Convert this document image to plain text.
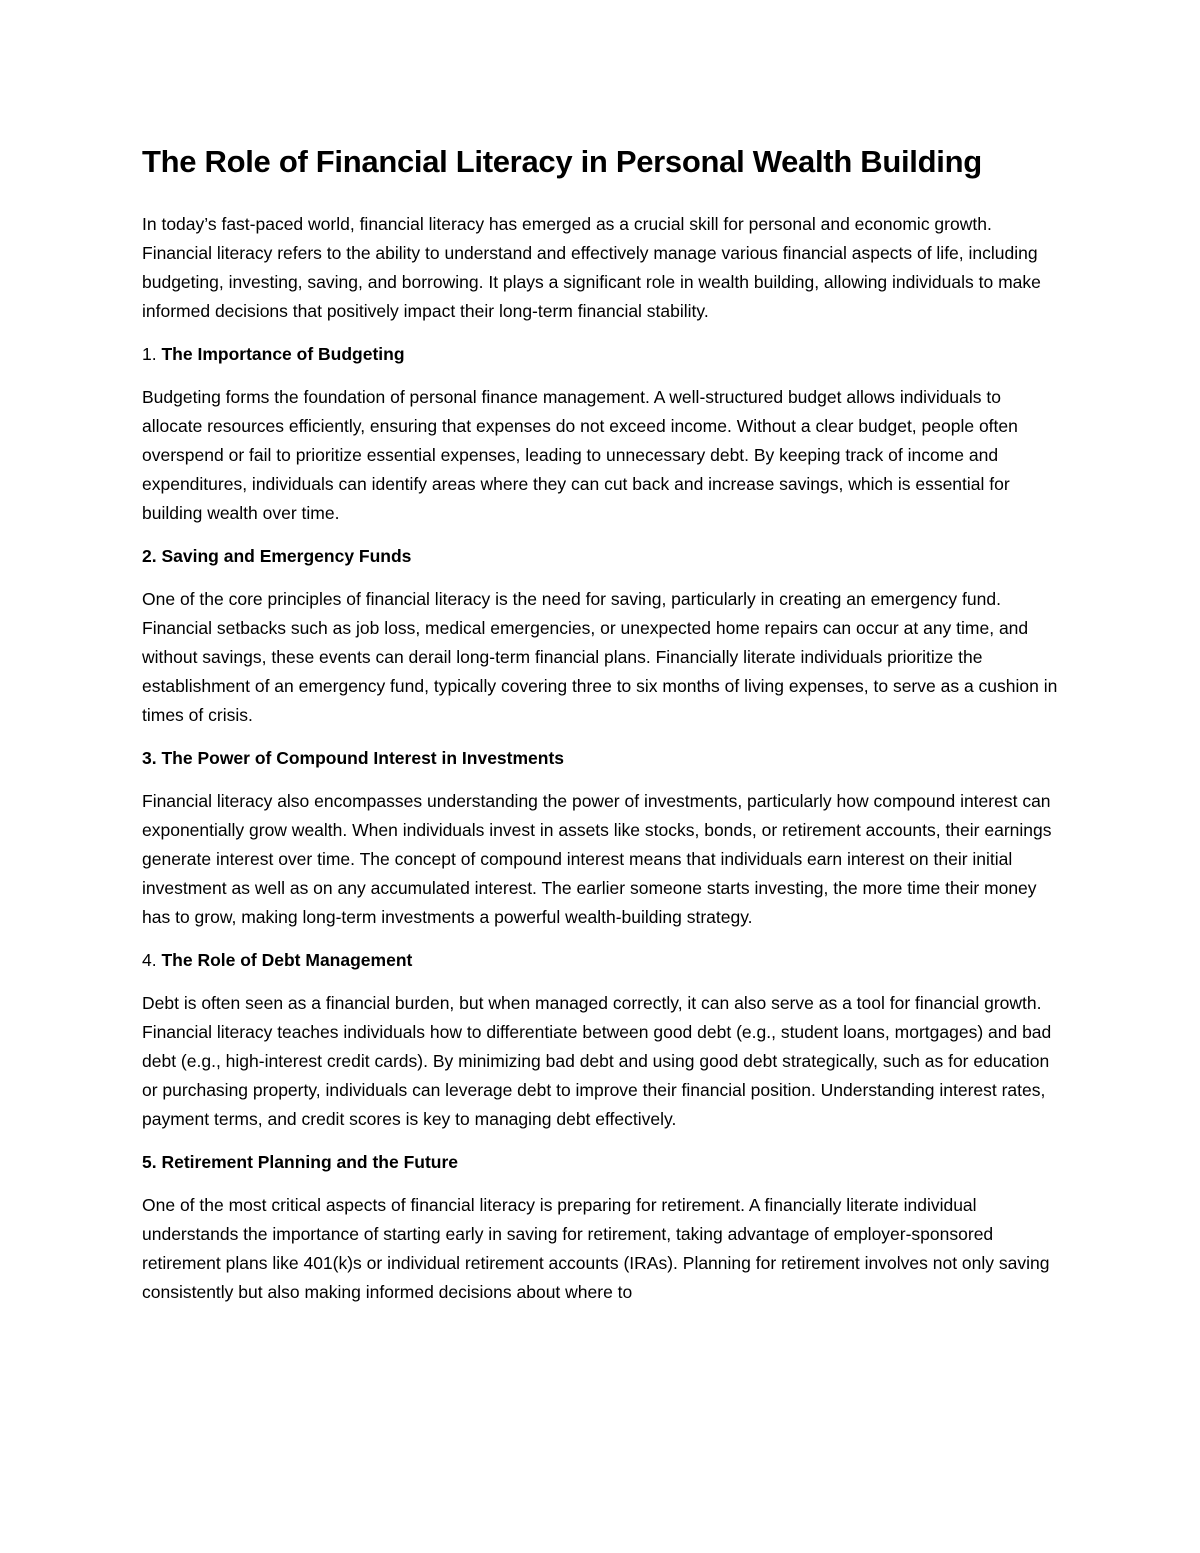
The Role of Financial Literacy in Personal Wealth Building

In today’s fast-paced world, financial literacy has emerged as a crucial skill for personal and economic growth. Financial literacy refers to the ability to understand and effectively manage various financial aspects of life, including budgeting, investing, saving, and borrowing. It plays a significant role in wealth building, allowing individuals to make informed decisions that positively impact their long-term financial stability.

1. The Importance of Budgeting

Budgeting forms the foundation of personal finance management. A well-structured budget allows individuals to allocate resources efficiently, ensuring that expenses do not exceed income. Without a clear budget, people often overspend or fail to prioritize essential expenses, leading to unnecessary debt. By keeping track of income and expenditures, individuals can identify areas where they can cut back and increase savings, which is essential for building wealth over time.

2. Saving and Emergency Funds

One of the core principles of financial literacy is the need for saving, particularly in creating an emergency fund. Financial setbacks such as job loss, medical emergencies, or unexpected home repairs can occur at any time, and without savings, these events can derail long-term financial plans. Financially literate individuals prioritize the establishment of an emergency fund, typically covering three to six months of living expenses, to serve as a cushion in times of crisis.

3. The Power of Compound Interest in Investments

Financial literacy also encompasses understanding the power of investments, particularly how compound interest can exponentially grow wealth. When individuals invest in assets like stocks, bonds, or retirement accounts, their earnings generate interest over time. The concept of compound interest means that individuals earn interest on their initial investment as well as on any accumulated interest. The earlier someone starts investing, the more time their money has to grow, making long-term investments a powerful wealth-building strategy.

4. The Role of Debt Management

Debt is often seen as a financial burden, but when managed correctly, it can also serve as a tool for financial growth. Financial literacy teaches individuals how to differentiate between good debt (e.g., student loans, mortgages) and bad debt (e.g., high-interest credit cards). By minimizing bad debt and using good debt strategically, such as for education or purchasing property, individuals can leverage debt to improve their financial position. Understanding interest rates, payment terms, and credit scores is key to managing debt effectively.

5. Retirement Planning and the Future

One of the most critical aspects of financial literacy is preparing for retirement. A financially literate individual understands the importance of starting early in saving for retirement, taking advantage of employer-sponsored retirement plans like 401(k)s or individual retirement accounts (IRAs). Planning for retirement involves not only saving consistently but also making informed decisions about where to
